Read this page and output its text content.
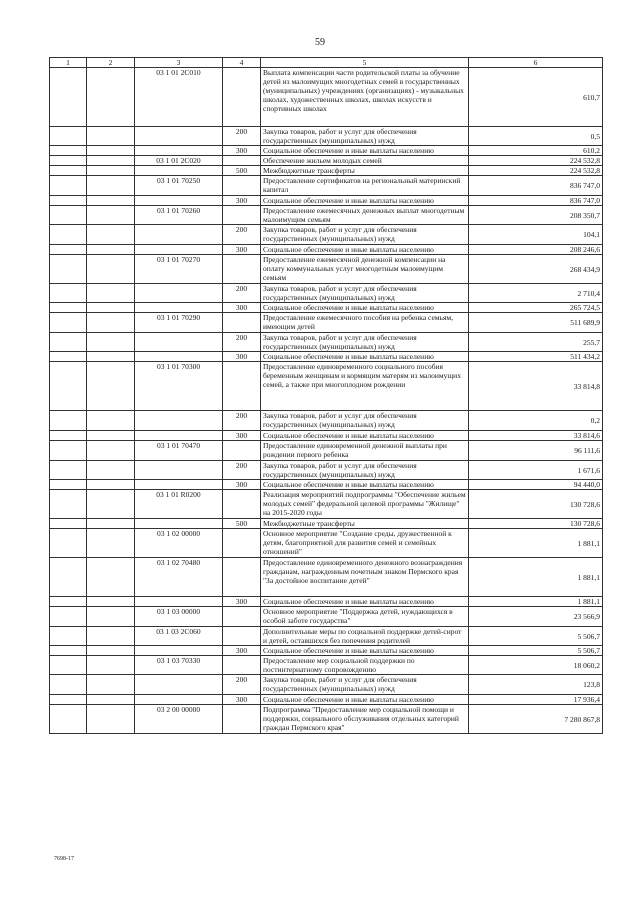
59
1	2	3	4	5	6
		03 1 01 2С010		Выплата компенсации части родительской платы за обучение детей из малоимущих многодетных семей в государственных (муниципальных) учреждениях (организациях) - музыкальных школах, художественных школах, школах искусств и спортивных школах	610,7
			200	Закупка товаров, работ и услуг для обеспечения государственных (муниципальных) нужд	0,5
			300	Социальное обеспечение и иные выплаты населению	610,2
		03 1 01 2С020		Обеспечение жильем молодых семей	224 532,8
			500	Межбюджетные трансферты	224 532,8
		03 1 01 70250		Предоставление сертификатов на региональный материнский капитал	836 747,0
			300	Социальное обеспечение и иные выплаты населению	836 747,0
		03 1 01 70260		Предоставление ежемесячных денежных выплат многодетным малоимущим семьям	208 350,7
			200	Закупка товаров, работ и услуг для обеспечения государственных (муниципальных) нужд	104,1
			300	Социальное обеспечение и иные выплаты населению	208 246,6
		03 1 01 70270		Предоставление ежемесячной денежной компенсации на оплату коммунальных услуг многодетным малоимущим семьям	268 434,9
			200	Закупка товаров, работ и услуг для обеспечения государственных (муниципальных) нужд	2 710,4
			300	Социальное обеспечение и иные выплаты населению	265 724,5
		03 1 01 70290		Предоставление ежемесячного пособия на ребенка семьям, имеющим детей	511 689,9
			200	Закупка товаров, работ и услуг для обеспечения государственных (муниципальных) нужд	255,7
			300	Социальное обеспечение и иные выплаты населению	511 434,2
		03 1 01 70300		Предоставление единовременного социального пособия беременным женщинам и кормящим матерям из малоимущих семей, а также при многоплодном рождении	33 814,8
			200	Закупка товаров, работ и услуг для обеспечения государственных (муниципальных) нужд	0,2
			300	Социальное обеспечение и иные выплаты населению	33 814,6
		03 1 01 70470		Предоставление единовременной денежной выплаты при рождении первого ребенка	96 111,6
			200	Закупка товаров, работ и услуг для обеспечения государственных (муниципальных) нужд	1 671,6
			300	Социальное обеспечение и иные выплаты населению	94 440,0
		03 1 01 R0200		Реализация мероприятий подпрограммы "Обеспечение жильем молодых семей" федеральной целевой программы "Жилище" на 2015-2020 годы	130 728,6
			500	Межбюджетные трансферты	130 728,6
		03 1 02 00000		Основное мероприятие "Создание среды, дружественной к детям, благоприятной для развития семей и семейных отношений"	1 881,1
		03 1 02 70480		Предоставление единовременного денежного вознаграждения гражданам, награжденным почетным знаком Пермского края "За достойное воспитание детей"	1 881,1
			300	Социальное обеспечение и иные выплаты населению	1 881,1
		03 1 03 00000		Основное мероприятие "Поддержка детей, нуждающихся в особой заботе государства"	23 566,9
		03 1 03 2С060		Дополнительные меры по социальной поддержке детей-сирот и детей, оставшихся без попечения родителей	5 506,7
			300	Социальное обеспечение и иные выплаты населению	5 506,7
		03 1 03 70330		Предоставление мер социальной поддержки по постинтернатному сопровождению	18 060,2
			200	Закупка товаров, работ и услуг для обеспечения государственных (муниципальных) нужд	123,8
			300	Социальное обеспечение и иные выплаты населению	17 936,4
		03 2 00 00000		Подпрограмма "Предоставление мер социальной помощи и поддержки, социального обслуживания отдельных категорий граждан Пермского края"	7 280 867,8
7698-17
